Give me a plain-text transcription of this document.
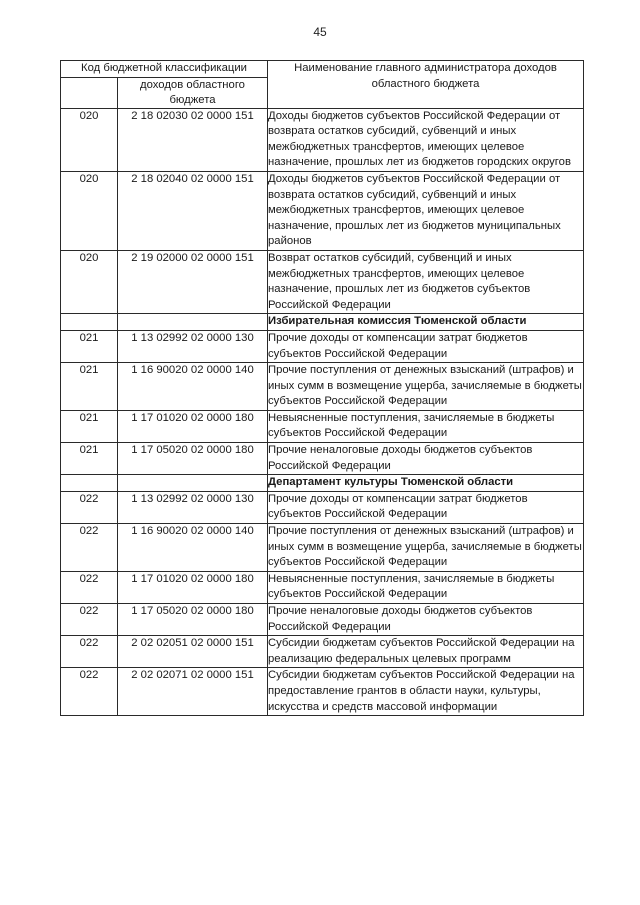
45
Код бюджетной классификации		Наименование главного администратора доходов областного бюджета
	доходов областного бюджета	
020	2 18 02030 02 0000 151	Доходы бюджетов субъектов Российской Федерации от возврата остатков субсидий, субвенций и иных межбюджетных трансфертов, имеющих целевое назначение, прошлых лет из бюджетов городских округов
020	2 18 02040 02 0000 151	Доходы бюджетов субъектов Российской Федерации от возврата остатков субсидий, субвенций и иных межбюджетных трансфертов, имеющих целевое назначение, прошлых лет из бюджетов муниципальных районов
020	2 19 02000 02 0000 151	Возврат остатков субсидий, субвенций и иных межбюджетных трансфертов, имеющих целевое назначение, прошлых лет из бюджетов субъектов Российской Федерации
		Избирательная комиссия Тюменской области
021	1 13 02992 02 0000 130	Прочие доходы от компенсации затрат бюджетов субъектов Российской Федерации
021	1 16 90020 02 0000 140	Прочие поступления от денежных взысканий (штрафов) и иных сумм в возмещение ущерба, зачисляемые в бюджеты субъектов Российской Федерации
021	1 17 01020 02 0000 180	Невыясненные поступления, зачисляемые в бюджеты субъектов Российской Федерации
021	1 17 05020 02 0000 180	Прочие неналоговые доходы бюджетов субъектов Российской Федерации
		Департамент культуры Тюменской области
022	1 13 02992 02 0000 130	Прочие доходы от компенсации затрат бюджетов субъектов Российской Федерации
022	1 16 90020 02 0000 140	Прочие поступления от денежных взысканий (штрафов) и иных сумм в возмещение ущерба, зачисляемые в бюджеты субъектов Российской Федерации
022	1 17 01020 02 0000 180	Невыясненные поступления, зачисляемые в бюджеты субъектов Российской Федерации
022	1 17 05020 02 0000 180	Прочие неналоговые доходы бюджетов субъектов Российской Федерации
022	2 02 02051 02 0000 151	Субсидии бюджетам субъектов Российской Федерации на реализацию федеральных целевых программ
022	2 02 02071 02 0000 151	Субсидии бюджетам субъектов Российской Федерации на предоставление грантов в области науки, культуры, искусства и средств массовой информации
